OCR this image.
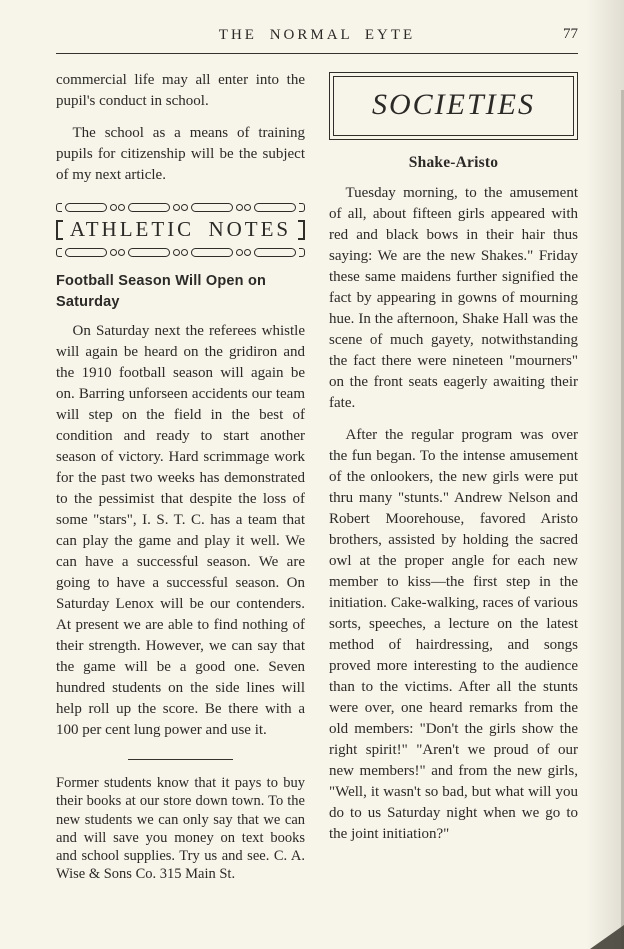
THE NORMAL EYTE	77

commercial life may all enter into the pupil's conduct in school.

The school as a means of training pupils for citizenship will be the subject of my next article.

ATHLETIC NOTES
Football Season Will Open on Saturday

On Saturday next the referees whistle will again be heard on the gridiron and the 1910 football season will again be on. Barring unforseen accidents our team will step on the field in the best of condition and ready to start another season of victory. Hard scrimmage work for the past two weeks has demonstrated to the pessimist that despite the loss of some "stars", I. S. T. C. has a team that can play the game and play it well. We can have a successful season. We are going to have a successful season. On Saturday Lenox will be our contenders. At present we are able to find nothing of their strength. However, we can say that the game will be a good one. Seven hundred students on the side lines will help roll up the score. Be there with a 100 per cent lung power and use it.

Former students know that it pays to buy their books at our store down town. To the new students we can only say that we can and will save you money on text books and school supplies. Try us and see. C. A. Wise & Sons Co. 315 Main St.

SOCIETIES
Shake-Aristo

Tuesday morning, to the amusement of all, about fifteen girls appeared with red and black bows in their hair thus saying: We are the new Shakes." Friday these same maidens further signified the fact by appearing in gowns of mourning hue. In the afternoon, Shake Hall was the scene of much gayety, notwithstanding the fact there were nineteen "mourners" on the front seats eagerly awaiting their fate.

After the regular program was over the fun began. To the intense amusement of the onlookers, the new girls were put thru many "stunts." Andrew Nelson and Robert Moorehouse, favored Aristo brothers, assisted by holding the sacred owl at the proper angle for each new member to kiss—the first step in the initiation. Cake-walking, races of various sorts, speeches, a lecture on the latest method of hairdressing, and songs proved more interesting to the audience than to the victims. After all the stunts were over, one heard remarks from the old members: "Don't the girls show the right spirit!" "Aren't we proud of our new members!" and from the new girls, "Well, it wasn't so bad, but what will you do to us Saturday night when we go to the joint initiation?"
